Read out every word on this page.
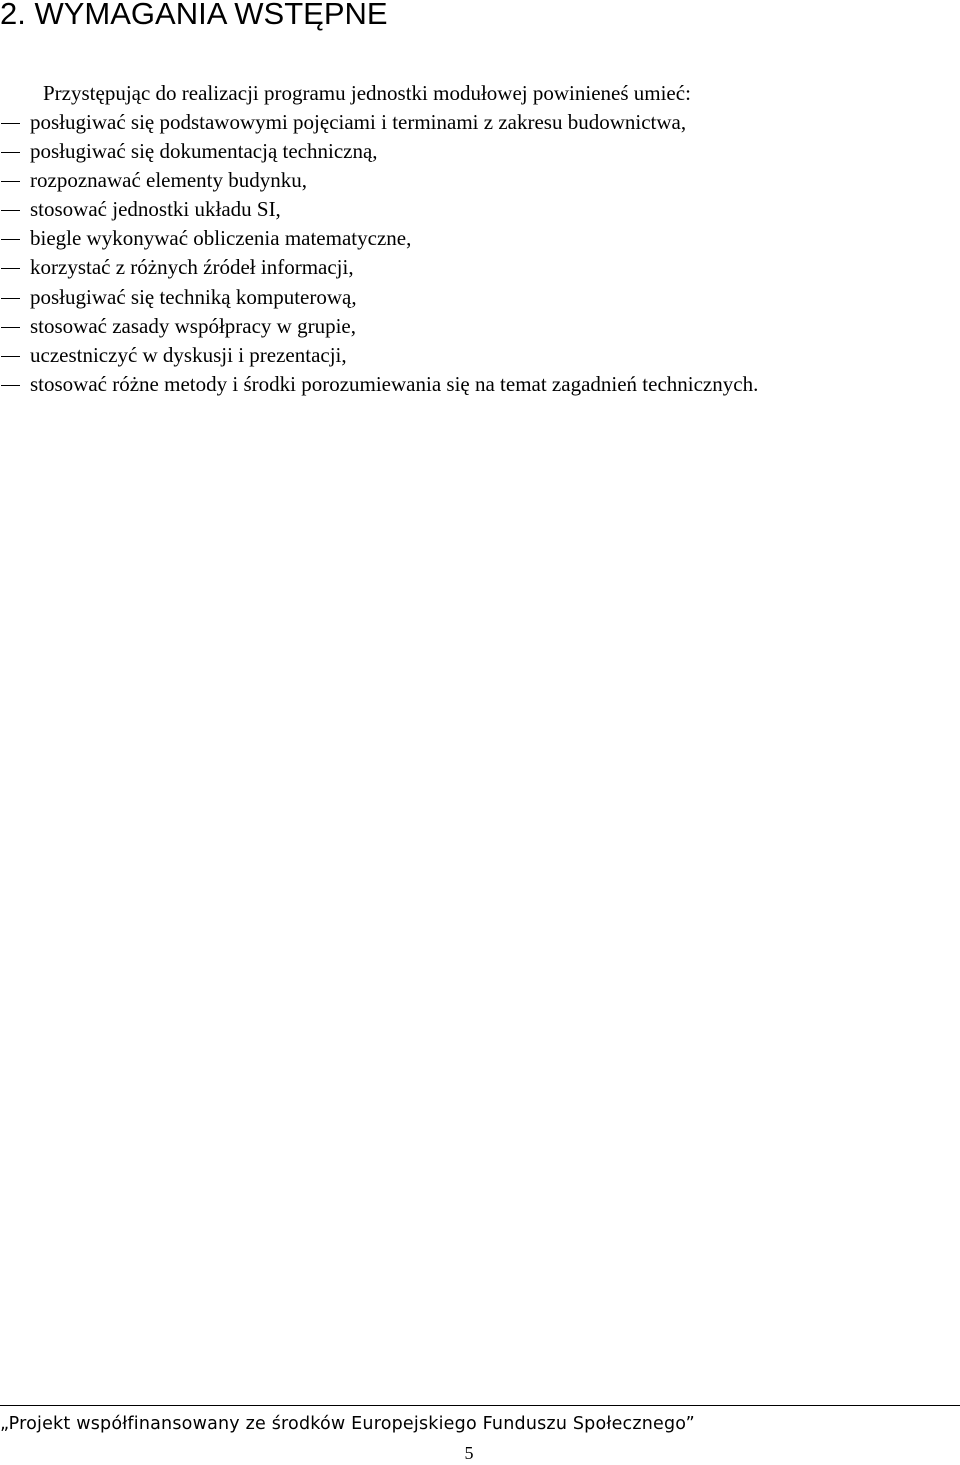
2. WYMAGANIA WSTĘPNE

Przystępując do realizacji programu jednostki modułowej powinieneś umieć:

posługiwać się podstawowymi pojęciami i terminami z zakresu budownictwa,
posługiwać się dokumentacją techniczną,
rozpoznawać elementy budynku,
stosować jednostki układu SI,
biegle wykonywać obliczenia matematyczne,
korzystać z różnych źródeł informacji,
posługiwać się techniką komputerową,
stosować zasady współpracy w grupie,
uczestniczyć w dyskusji i prezentacji,
stosować różne metody i środki porozumiewania się na temat zagadnień technicznych.
„Projekt współfinansowany ze środków Europejskiego Funduszu Społecznego”
5
